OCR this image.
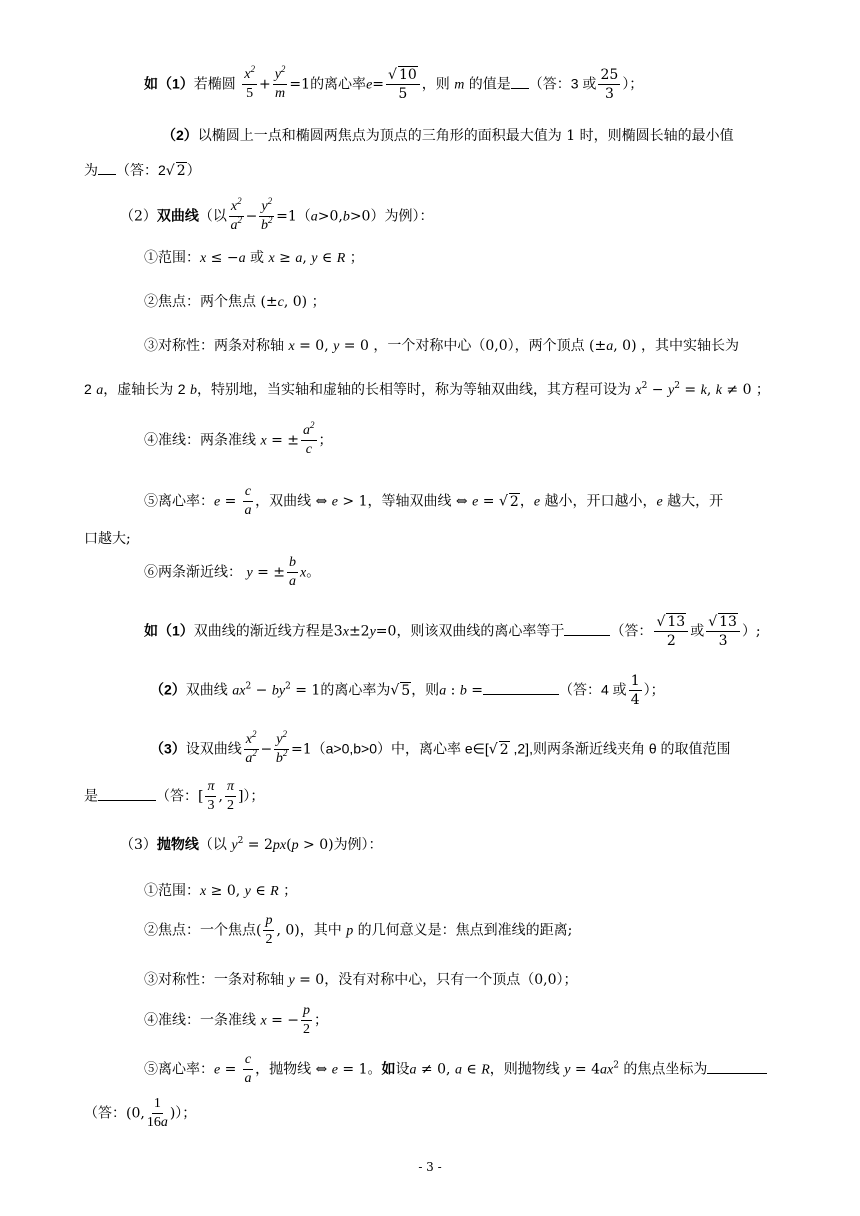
如（1）若椭圆 $\frac{x^2}{5} + \frac{y^2}{m} =1$的离心率$e= \frac{√ 10}{5}$ ，则 m 的值是 （答：3 或 $\frac{25}{3}$ ）；
（2）以椭圆上一点和椭圆两焦点为顶点的三角形的面积最大值为 1 时，则椭圆长轴的最小值
为 （答：2√ 2）
（2）双曲线（以 $\frac{x^2}{a^2} - \frac{y^2}{b^2} =1(a>0,b>0)$为例）：
①范围：x ≤ −a 或 x ≥ a, y ∈ R ；
②焦点：两个焦点 (±c, 0) ；
③对称性：两条对称轴 x = 0, y = 0 ，一个对称中心（0,0），两个顶点 (±a, 0) ，其中实轴长为
2 a，虚轴长为 2 b，特别地，当实轴和虚轴的长相等时，称为等轴双曲线，其方程可设为 $x^2 - y^2 = k$, k ≠ 0 ；
④准线：两条准线 x = ± $\frac{a^2}{c}$ ；
⑤离心率：$e = \frac{c}{a}$ ，双曲线 ⇔ e > 1，等轴双曲线 ⇔ e = √ 2，e 越小，开口越小，e 越大，开
口越大;
⑥两条渐近线： y = ± $\frac{b}{a}$ x。
如（1）双曲线的渐近线方程是3x±2y=0，则该双曲线的离心率等于	（答： $\frac{√ 13}{2}$ 或 $\frac{√ 13}{3}$ ）;
（2）双曲线 $ax^2 - by^2 = 1$的离心率为√ 5，则a : b =	（答：4 或 $\frac{1}{4}$ ）；
（3）设双曲线 $\frac{x^2}{a^2} - \frac{y^2}{b^2} =1(a>0,b>0)$中，离心率 e∈[√ 2 ,2],则两条渐近线夹角 θ 的取值范围
是	（答：[ $\frac{\pi}{3}$ , $\frac{\pi}{2}$ ]）；
（3）抛物线（以 $y^2 = 2px(p > 0)$为例）：
①范围：x ≥ 0, y ∈ R ；
②焦点：一个焦点( $\frac{p}{2}$ , 0)，其中 p 的几何意义是：焦点到准线的距离;
③对称性：一条对称轴 y = 0，没有对称中心，只有一个顶点（0,0）；
④准线：一条准线 x = − $\frac{p}{2}$ ；
⑤离心率：$e = \frac{c}{a}$ ，抛物线 ⇔ e = 1。如设a ≠ 0, a ∈ R，则抛物线 $y = 4ax^2$ 的焦点坐标为
（答：(0, $\frac{1}{16a}$ )）；
- 3 -
